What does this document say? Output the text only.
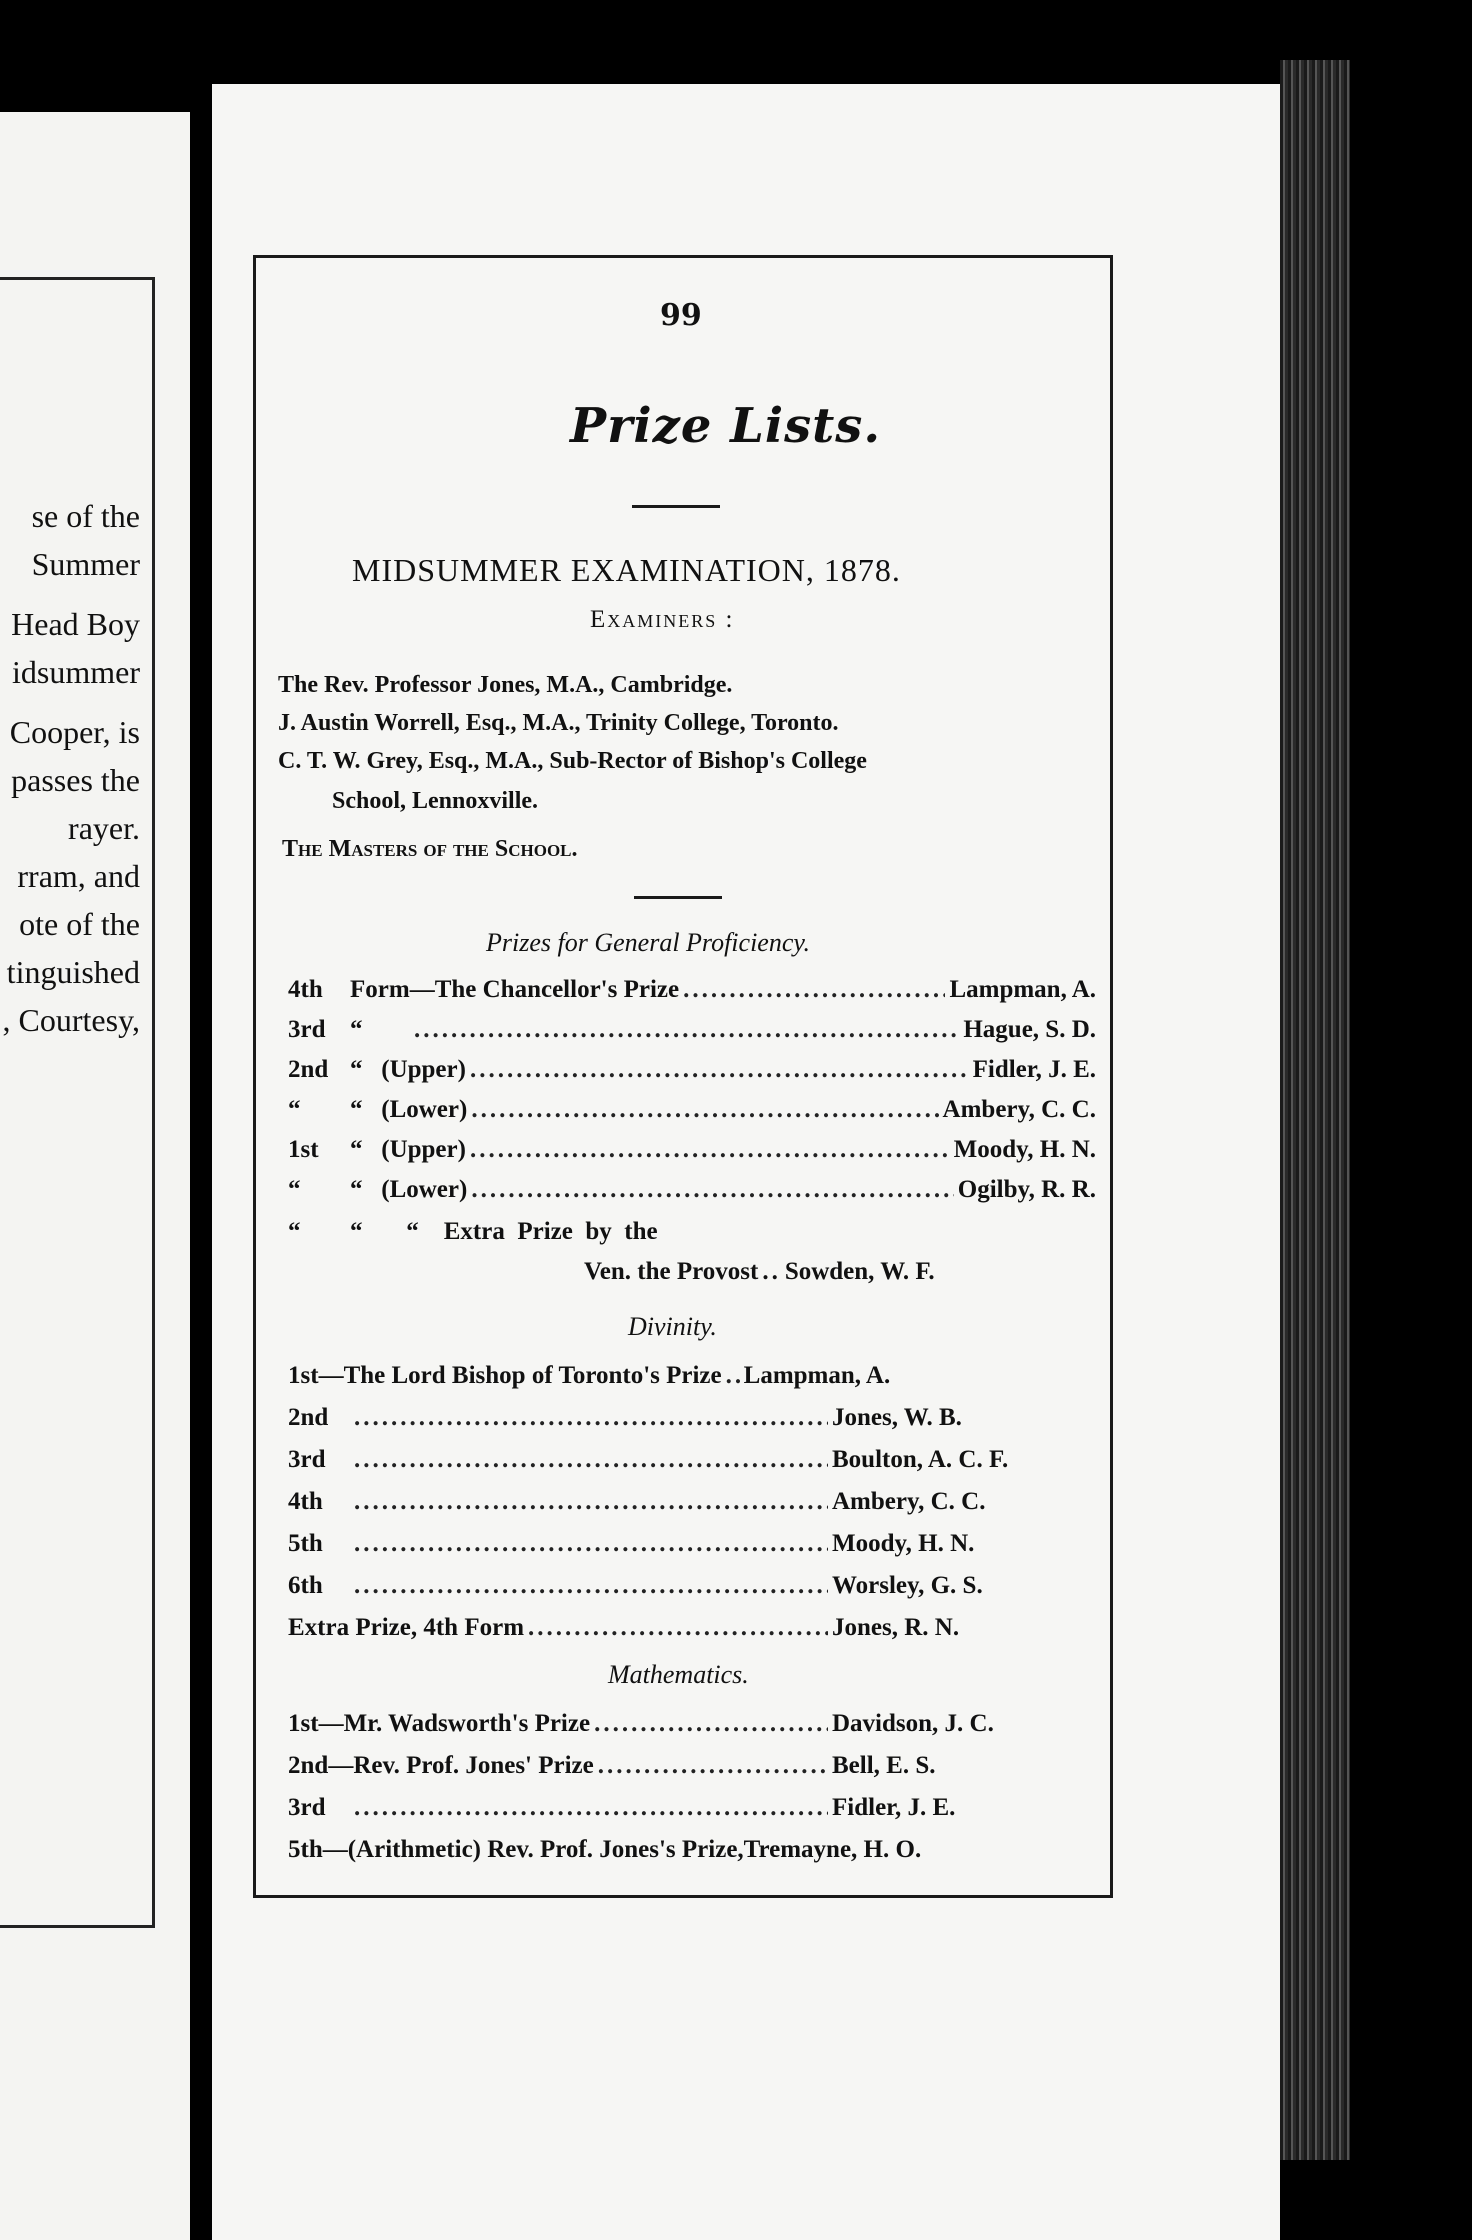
se of the
Summer
Head Boy
idsummer
Cooper, is
passes the
rayer.
rram, and
ote of the
tinguished
, Courtesy,
99
Prize Lists.
MIDSUMMER EXAMINATION, 1878.
Examiners :
The Rev. Professor Jones, M.A., Cambridge.
J. Austin Worrell, Esq., M.A., Trinity College, Toronto.
C. T. W. Grey, Esq., M.A., Sub-Rector of Bishop's College
School, Lennoxville.
The Masters of the School.
Prizes for General Proficiency.
4th	Form—The Chancellor's Prize .....	Lampman, A.
3rd “ .....	Hague, S. D.
2nd “   (Upper) .....	Fidler, J. E.
“	“   (Lower) .....	Ambery, C. C.
1st	“   (Upper) .....	Moody, H. N.
“	“   (Lower) .....	Ogilby, R. R.
“	“       “    Extra  Prize  by  the
Ven. the Provost .. Sowden, W. F.
Divinity.
1st —The Lord Bishop of Toronto's Prize ..... Lampman, A.
2nd .....	Jones, W. B.
3rd .....	Boulton, A. C. F.
4th .....	Ambery, C. C.
5th .....	Moody, H. N.
6th .....	Worsley, G. S.
Extra Prize, 4th Form .....	Jones, R. N.
Mathematics.
1st —Mr. Wadsworth's Prize .....	Davidson, J. C.
2nd —Rev. Prof. Jones' Prize .....	Bell, E. S.
3rd .....	Fidler, J. E.
5th —(Arithmetic) Rev. Prof. Jones's Prize, Tremayne, H. O.
